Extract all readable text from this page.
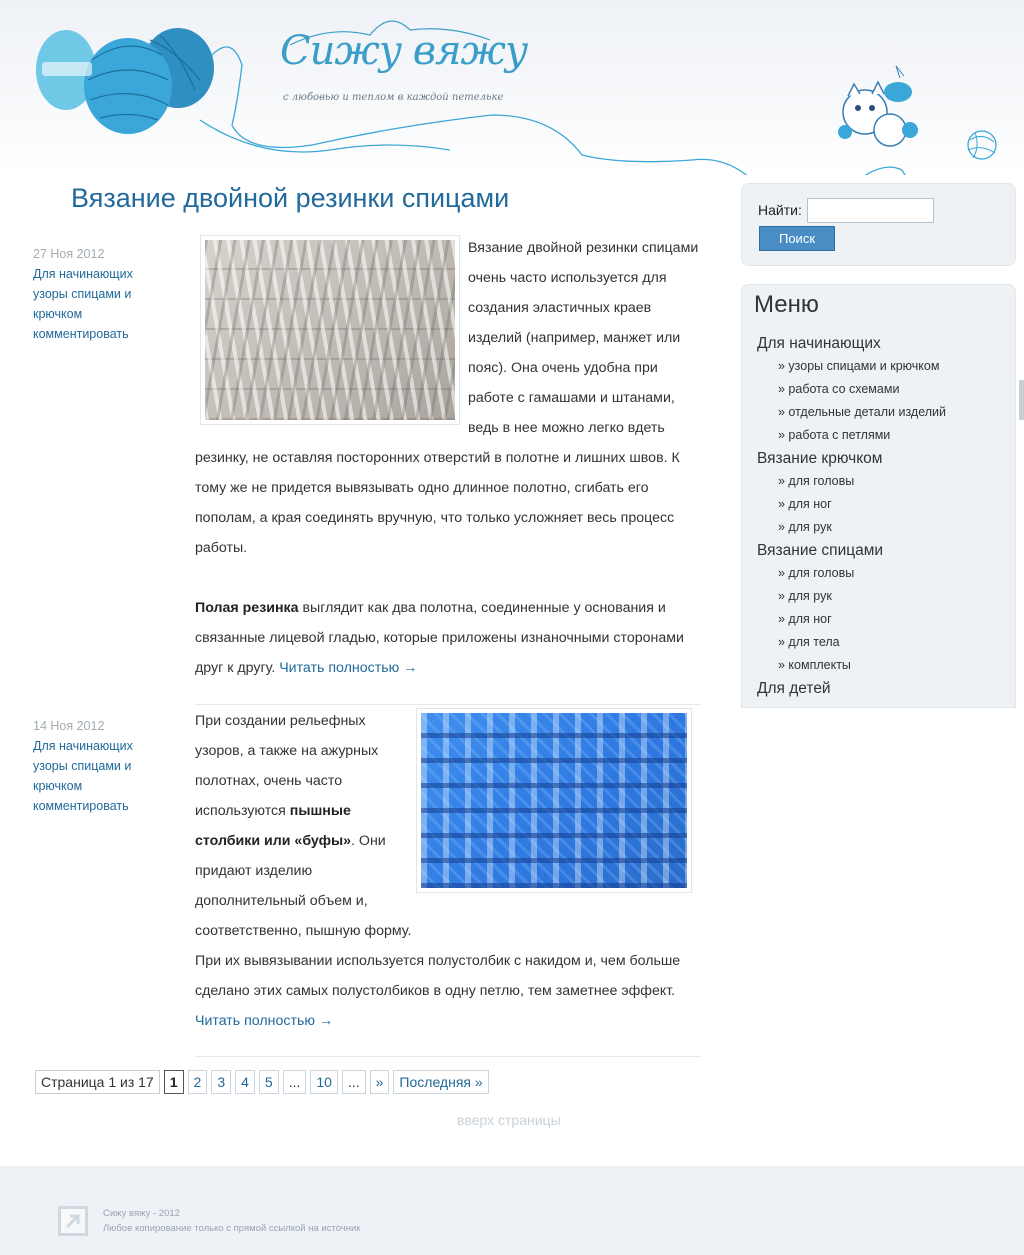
Сижу вяжу
с любовью и теплом в каждой петельке
Вязание двойной резинки спицами
27 Ноя 2012
Для начинающих
узоры спицами и крючком
комментировать

Вязание двойной резинки спицами очень часто используется для создания эластичных краев изделий (например, манжет или пояс). Она очень удобна при работе с гамашами и штанами, ведь в нее можно легко вдеть резинку, не оставляя посторонних отверстий в полотне и лишних швов. К тому же не придется вывязывать одно длинное полотно, сгибать его пополам, а края соединять вручную, что только усложняет весь процесс работы.

Полая резинка выглядит как два полотна, соединенные у основания и связанные лицевой гладью, которые приложены изнаночными сторонами друг к другу. Читать полностью →

14 Ноя 2012
Для начинающих
узоры спицами и крючком
комментировать

При создании рельефных узоров, а также на ажурных полотнах, очень часто используются пышные столбики или «буфы». Они придают изделию дополнительный объем и, соответственно, пышную форму.

При их вывязывании используется полустолбик с накидом и, чем больше сделано этих самых полустолбиков в одну петлю, тем заметнее эффект.

Читать полностью →

Страница 1 из 17	1	2	3	4	5	...	10	...	»	Последняя »
вверх страницы
Найти:
Поиск
Меню
Для начинающих
» узоры спицами и крючком
» работа со схемами
» отдельные детали изделий
» работа с петлями
Вязание крючком
» для головы
» для ног
» для рук
Вязание спицами
» для головы
» для рук
» для ног
» для тела
» комплекты
Для детей
Сижу вяжу - 2012
Любое копирование только с прямой ссылкой на источник
